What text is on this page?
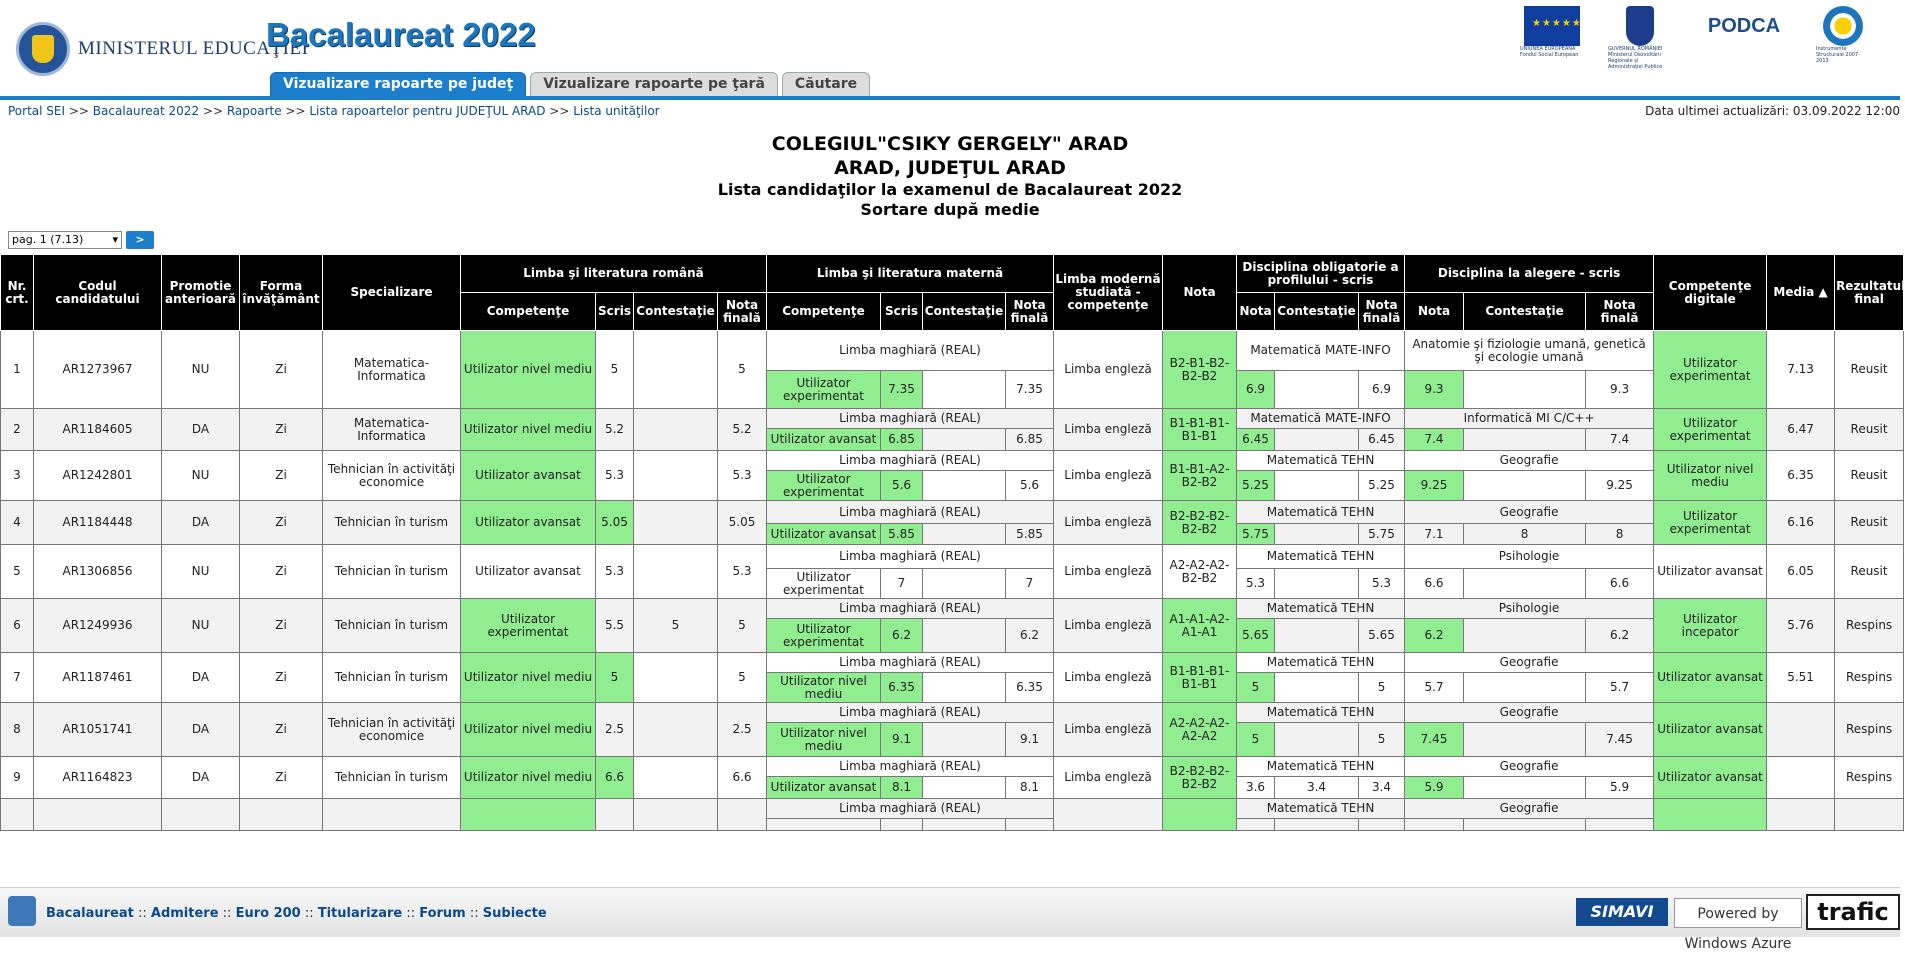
MINISTERUL EDUCAŢIEI
Bacalaureat 2022
Vizualizare rapoarte pe judeţ	Vizualizare rapoarte pe ţară	Căutare
★★★★★
UNIUNEA EUROPEANĂ Fondul Social European
GUVERNUL ROMÂNIEI Ministerul Dezvoltării Regionale şi Administraţiei Publice
PODCA
Instrumente Structurale 2007-2013
Portal SEI >> Bacalaureat 2022 >> Rapoarte >> Lista rapoartelor pentru JUDEŢUL ARAD >> Lista unităţilor	Data ultimei actualizări: 03.09.2022 12:00
COLEGIUL"CSIKY GERGELY" ARAD
ARAD, JUDEŢUL ARAD
Lista candidaţilor la examenul de Bacalaureat 2022
Sortare după medie
pag. 1 (7.13) ▾	>
Nr. crt.	Codul candidatului	Promotie anterioară	Forma învăţământ	Specializare	Limba şi literatura română				Limba şi literatura maternă				Limba modernă studiată - competenţe	Nota	Disciplina obligatorie a profilului - scris			Disciplina la alegere - scris			Competenţe digitale	Media ▲	Rezultatul final
					Competenţe	Scris	Contestaţie	Nota finală	Competenţe	Scris	Contestaţie	Nota finală			Nota	Contestaţie	Nota finală	Nota	Contestaţie	Nota finală			
1	AR1273967	NU	Zi	Matematica-Informatica	Utilizator nivel mediu	5		5	Limba maghiară (REAL)				Limba engleză	B2-B1-B2-B2-B2	Matematică MATE-INFO			Anatomie şi fiziologie umană, genetică şi ecologie umană			Utilizator experimentat	7.13	Reusit
									Utilizator experimentat	7.35		7.35			6.9		6.9	9.3		9.3			
2	AR1184605	DA	Zi	Matematica-Informatica	Utilizator nivel mediu	5.2		5.2	Limba maghiară (REAL)				Limba engleză	B1-B1-B1-B1-B1	Matematică MATE-INFO			Informatică MI C/C++			Utilizator experimentat	6.47	Reusit
									Utilizator avansat	6.85		6.85			6.45		6.45	7.4		7.4			
3	AR1242801	NU	Zi	Tehnician în activităţi economice	Utilizator avansat	5.3		5.3	Limba maghiară (REAL)				Limba engleză	B1-B1-A2-B2-B2	Matematică TEHN			Geografie			Utilizator nivel mediu	6.35	Reusit
									Utilizator experimentat	5.6		5.6			5.25		5.25	9.25		9.25			
4	AR1184448	DA	Zi	Tehnician în turism	Utilizator avansat	5.05		5.05	Limba maghiară (REAL)				Limba engleză	B2-B2-B2-B2-B2	Matematică TEHN			Geografie			Utilizator experimentat	6.16	Reusit
									Utilizator avansat	5.85		5.85			5.75		5.75	7.1	8	8			
5	AR1306856	NU	Zi	Tehnician în turism	Utilizator avansat	5.3		5.3	Limba maghiară (REAL)				Limba engleză	A2-A2-A2-B2-B2	Matematică TEHN			Psihologie			Utilizator avansat	6.05	Reusit
									Utilizator experimentat	7		7			5.3		5.3	6.6		6.6			
6	AR1249936	NU	Zi	Tehnician în turism	Utilizator experimentat	5.5	5	5	Limba maghiară (REAL)				Limba engleză	A1-A1-A2-A1-A1	Matematică TEHN			Psihologie			Utilizator incepator	5.76	Respins
									Utilizator experimentat	6.2		6.2			5.65		5.65	6.2		6.2			
7	AR1187461	DA	Zi	Tehnician în turism	Utilizator nivel mediu	5		5	Limba maghiară (REAL)				Limba engleză	B1-B1-B1-B1-B1	Matematică TEHN			Geografie			Utilizator avansat	5.51	Respins
									Utilizator nivel mediu	6.35		6.35			5		5	5.7		5.7			
8	AR1051741	DA	Zi	Tehnician în activităţi economice	Utilizator nivel mediu	2.5		2.5	Limba maghiară (REAL)				Limba engleză	A2-A2-A2-A2-A2	Matematică TEHN			Geografie			Utilizator avansat		Respins
									Utilizator nivel mediu	9.1		9.1			5		5	7.45		7.45			
9	AR1164823	DA	Zi	Tehnician în turism	Utilizator nivel mediu	6.6		6.6	Limba maghiară (REAL)				Limba engleză	B2-B2-B2-B2-B2	Matematică TEHN			Geografie			Utilizator avansat		Respins
									Utilizator avansat	8.1		8.1			3.6	3.4	3.4	5.9		5.9			
									Limba maghiară (REAL)						Matematică TEHN			Geografie					

Bacalaureat :: Admitere :: Euro 200 :: Titularizare :: Forum :: Subiecte	SIMAVI	Powered by Windows Azure
trafic
